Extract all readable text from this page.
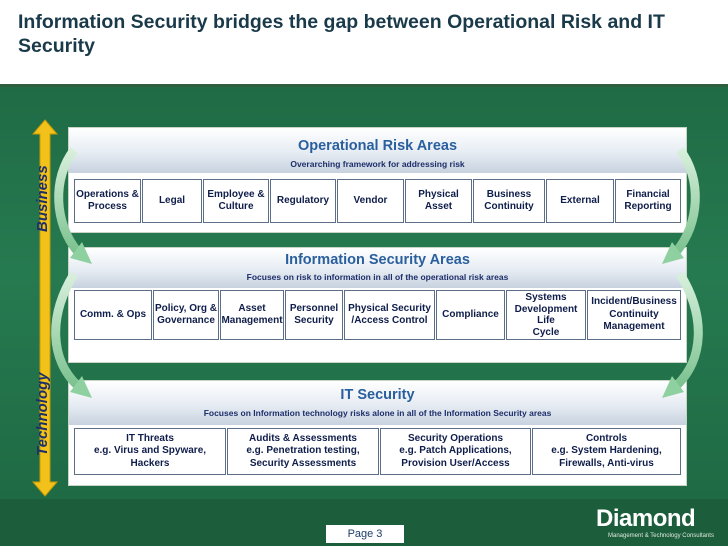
Information Security bridges the gap between Operational Risk and IT Security
Business
Technology
Operational Risk Areas
Overarching framework for addressing risk
Operations &
Process
Legal
Employee &
Culture
Regulatory	Vendor
Physical
Asset
Business
Continuity
External
Financial
Reporting
Information Security Areas
Focuses on risk to information in all of the operational risk areas
Comm. & Ops
Policy, Org &
Governance
Asset
Management
Personnel
Security
Physical Security
/Access Control
Compliance
Systems
Development
Life
Cycle
Incident/Business
Continuity
Management
Examples of issues addressed - Financial Integrity, Trust, Fraud, Access Management, Intellectual Property, Privacy
IT Security
Focuses on Information technology risks alone in all of the Information Security areas
IT Threats
e.g. Virus and Spyware,
Hackers
Audits & Assessments
e.g. Penetration testing,
Security Assessments
Security Operations
e.g. Patch Applications,
Provision User/Access
Controls
e.g. System Hardening,
Firewalls, Anti-virus
Page 3
Diamond
Management & Technology Consultants
